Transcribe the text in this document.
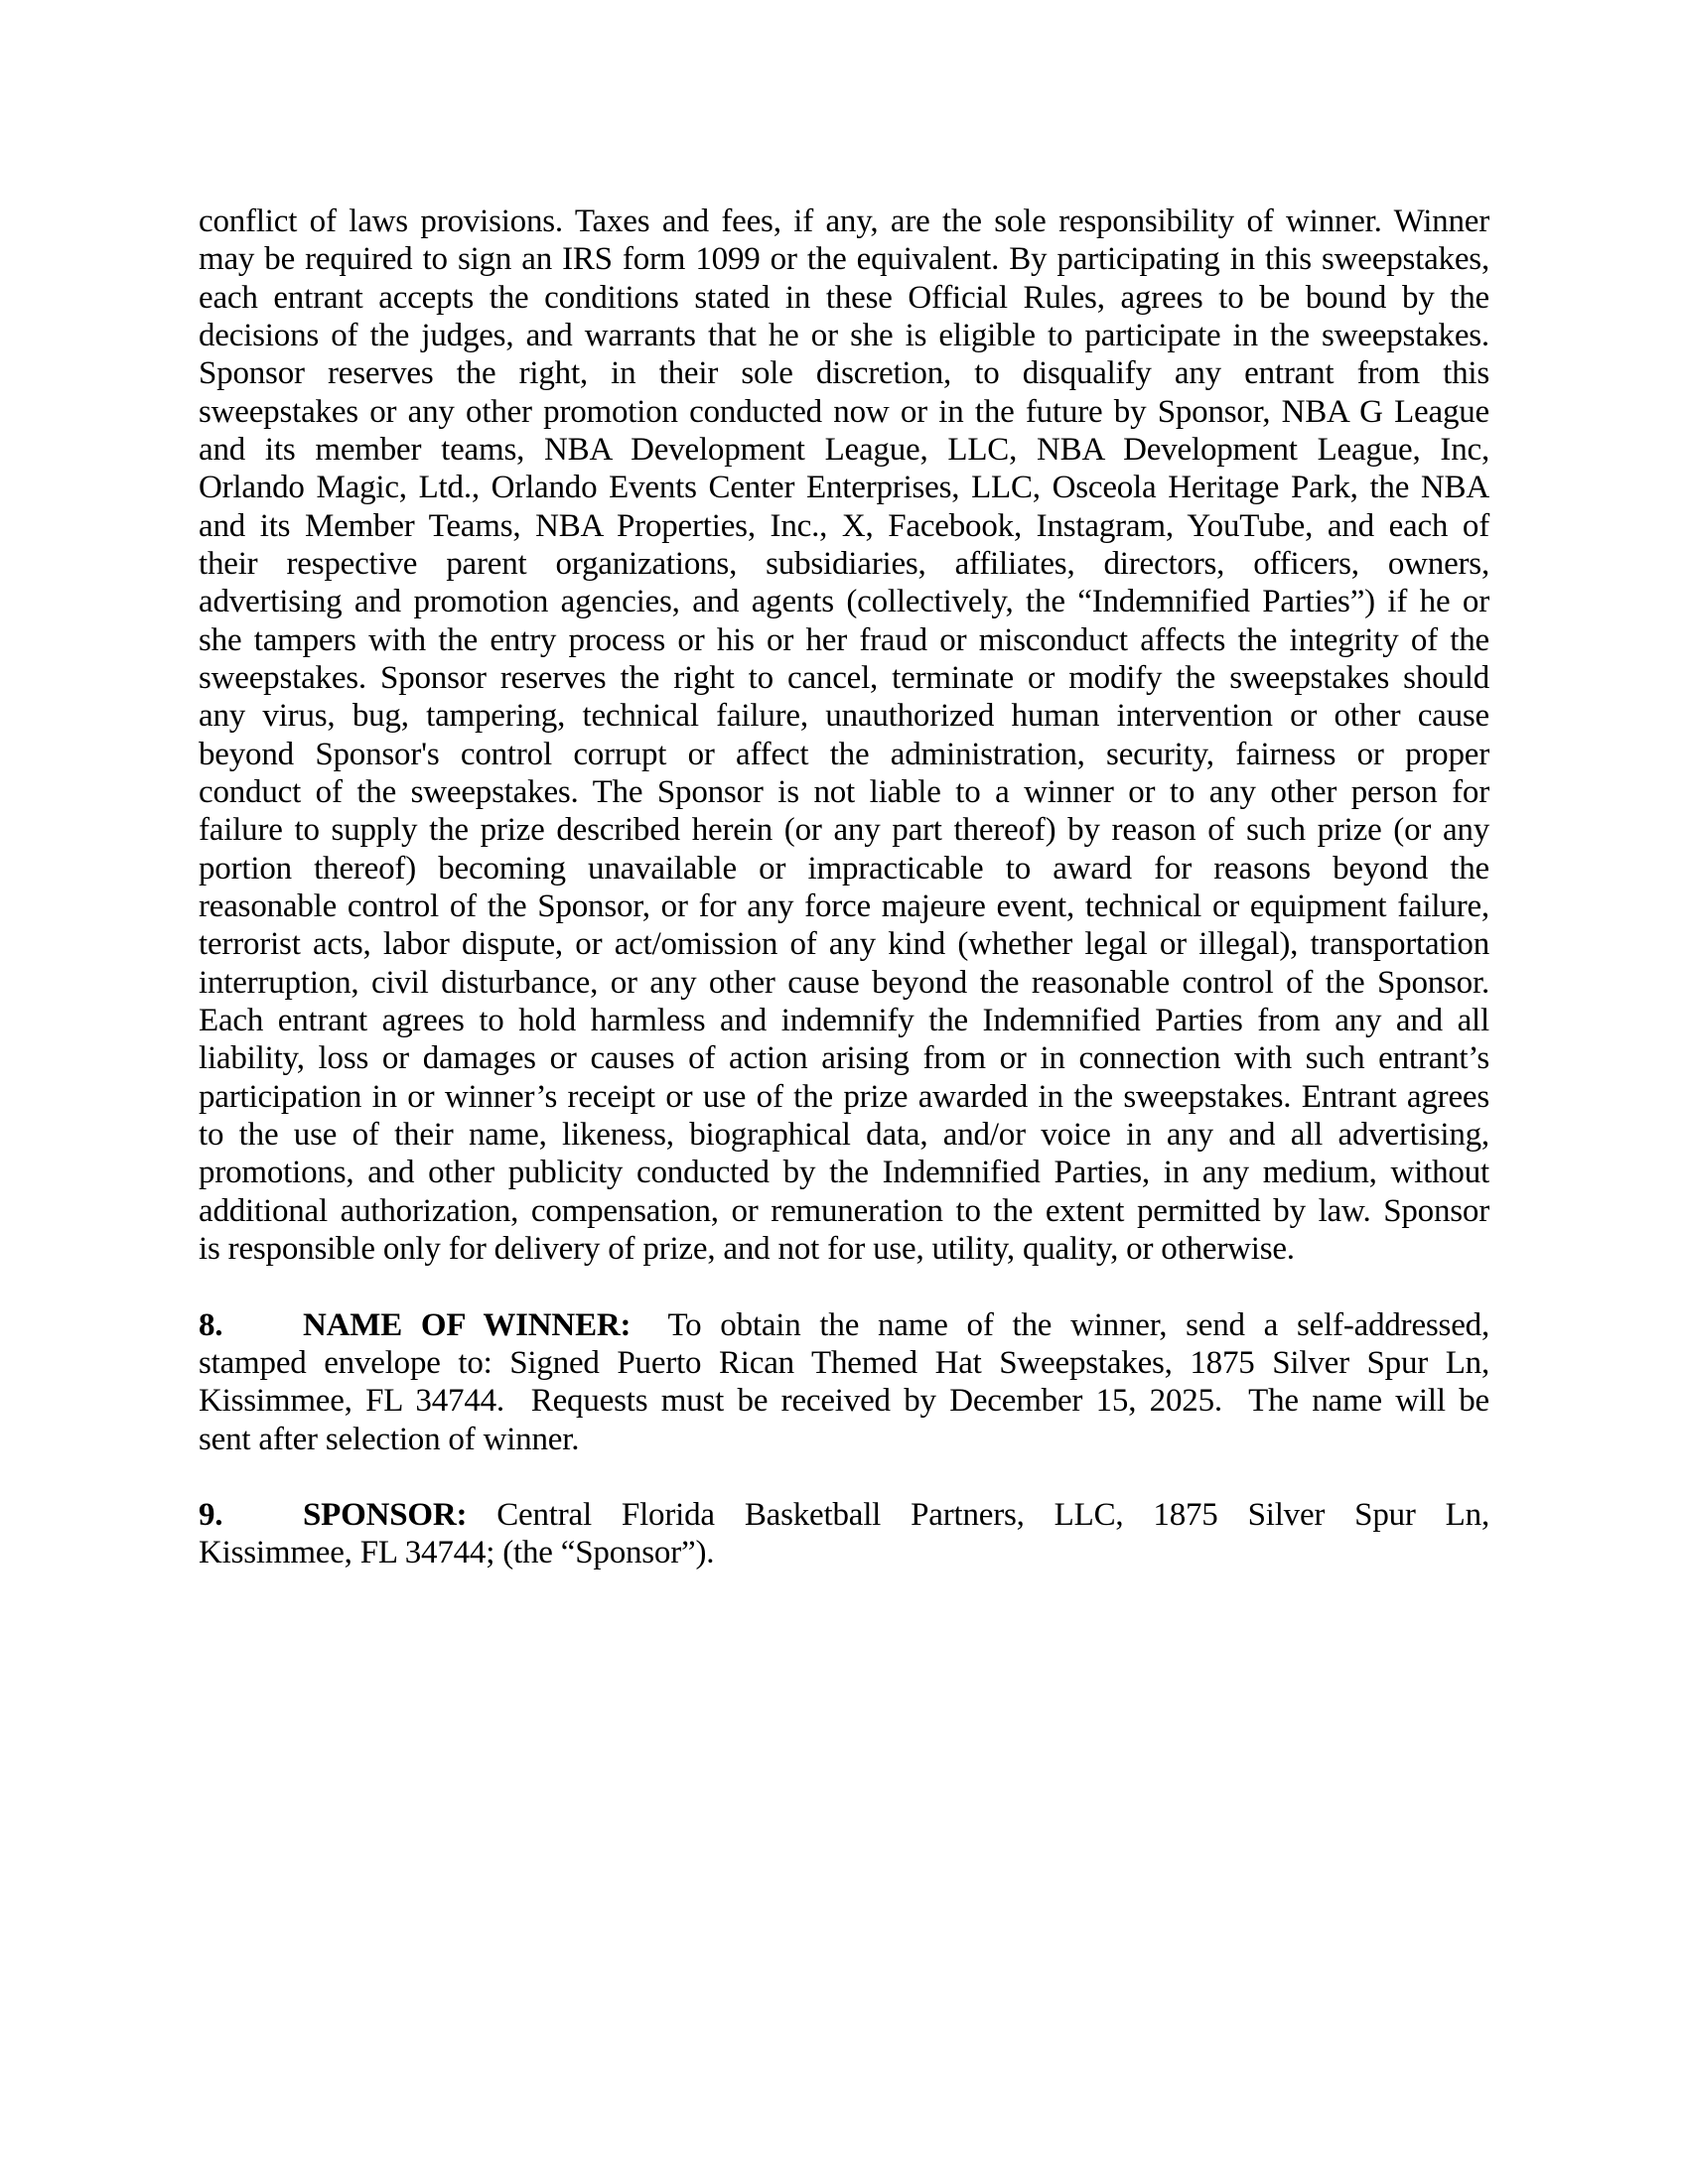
conflict of laws provisions. Taxes and fees, if any, are the sole responsibility of winner. Winner
may be required to sign an IRS form 1099 or the equivalent. By participating in this sweepstakes,
each entrant accepts the conditions stated in these Official Rules, agrees to be bound by the
decisions of the judges, and warrants that he or she is eligible to participate in the sweepstakes.
Sponsor reserves the right, in their sole discretion, to disqualify any entrant from this
sweepstakes or any other promotion conducted now or in the future by Sponsor, NBA G League
and its member teams, NBA Development League, LLC, NBA Development League, Inc,
Orlando Magic, Ltd., Orlando Events Center Enterprises, LLC, Osceola Heritage Park, the NBA
and its Member Teams, NBA Properties, Inc., X, Facebook, Instagram, YouTube, and each of
their respective parent organizations, subsidiaries, affiliates, directors, officers, owners,
advertising and promotion agencies, and agents (collectively, the “Indemnified Parties”) if he or
she tampers with the entry process or his or her fraud or misconduct affects the integrity of the
sweepstakes. Sponsor reserves the right to cancel, terminate or modify the sweepstakes should
any virus, bug, tampering, technical failure, unauthorized human intervention or other cause
beyond Sponsor's control corrupt or affect the administration, security, fairness or proper
conduct of the sweepstakes. The Sponsor is not liable to a winner or to any other person for
failure to supply the prize described herein (or any part thereof) by reason of such prize (or any
portion thereof) becoming unavailable or impracticable to award for reasons beyond the
reasonable control of the Sponsor, or for any force majeure event, technical or equipment failure,
terrorist acts, labor dispute, or act/omission of any kind (whether legal or illegal), transportation
interruption, civil disturbance, or any other cause beyond the reasonable control of the Sponsor.
Each entrant agrees to hold harmless and indemnify the Indemnified Parties from any and all
liability, loss or damages or causes of action arising from or in connection with such entrant’s
participation in or winner’s receipt or use of the prize awarded in the sweepstakes. Entrant agrees
to the use of their name, likeness, biographical data, and/or voice in any and all advertising,
promotions, and other publicity conducted by the Indemnified Parties, in any medium, without
additional authorization, compensation, or remuneration to the extent permitted by law. Sponsor
is responsible only for delivery of prize, and not for use, utility, quality, or otherwise.
8. NAME OF WINNER:  To obtain the name of the winner, send a self-addressed,
stamped envelope to: Signed Puerto Rican Themed Hat Sweepstakes, 1875 Silver Spur Ln,
Kissimmee, FL 34744.  Requests must be received by December 15, 2025.  The name will be
sent after selection of winner.
9. SPONSOR: Central Florida Basketball Partners, LLC, 1875 Silver Spur Ln,
Kissimmee, FL 34744; (the “Sponsor”).
